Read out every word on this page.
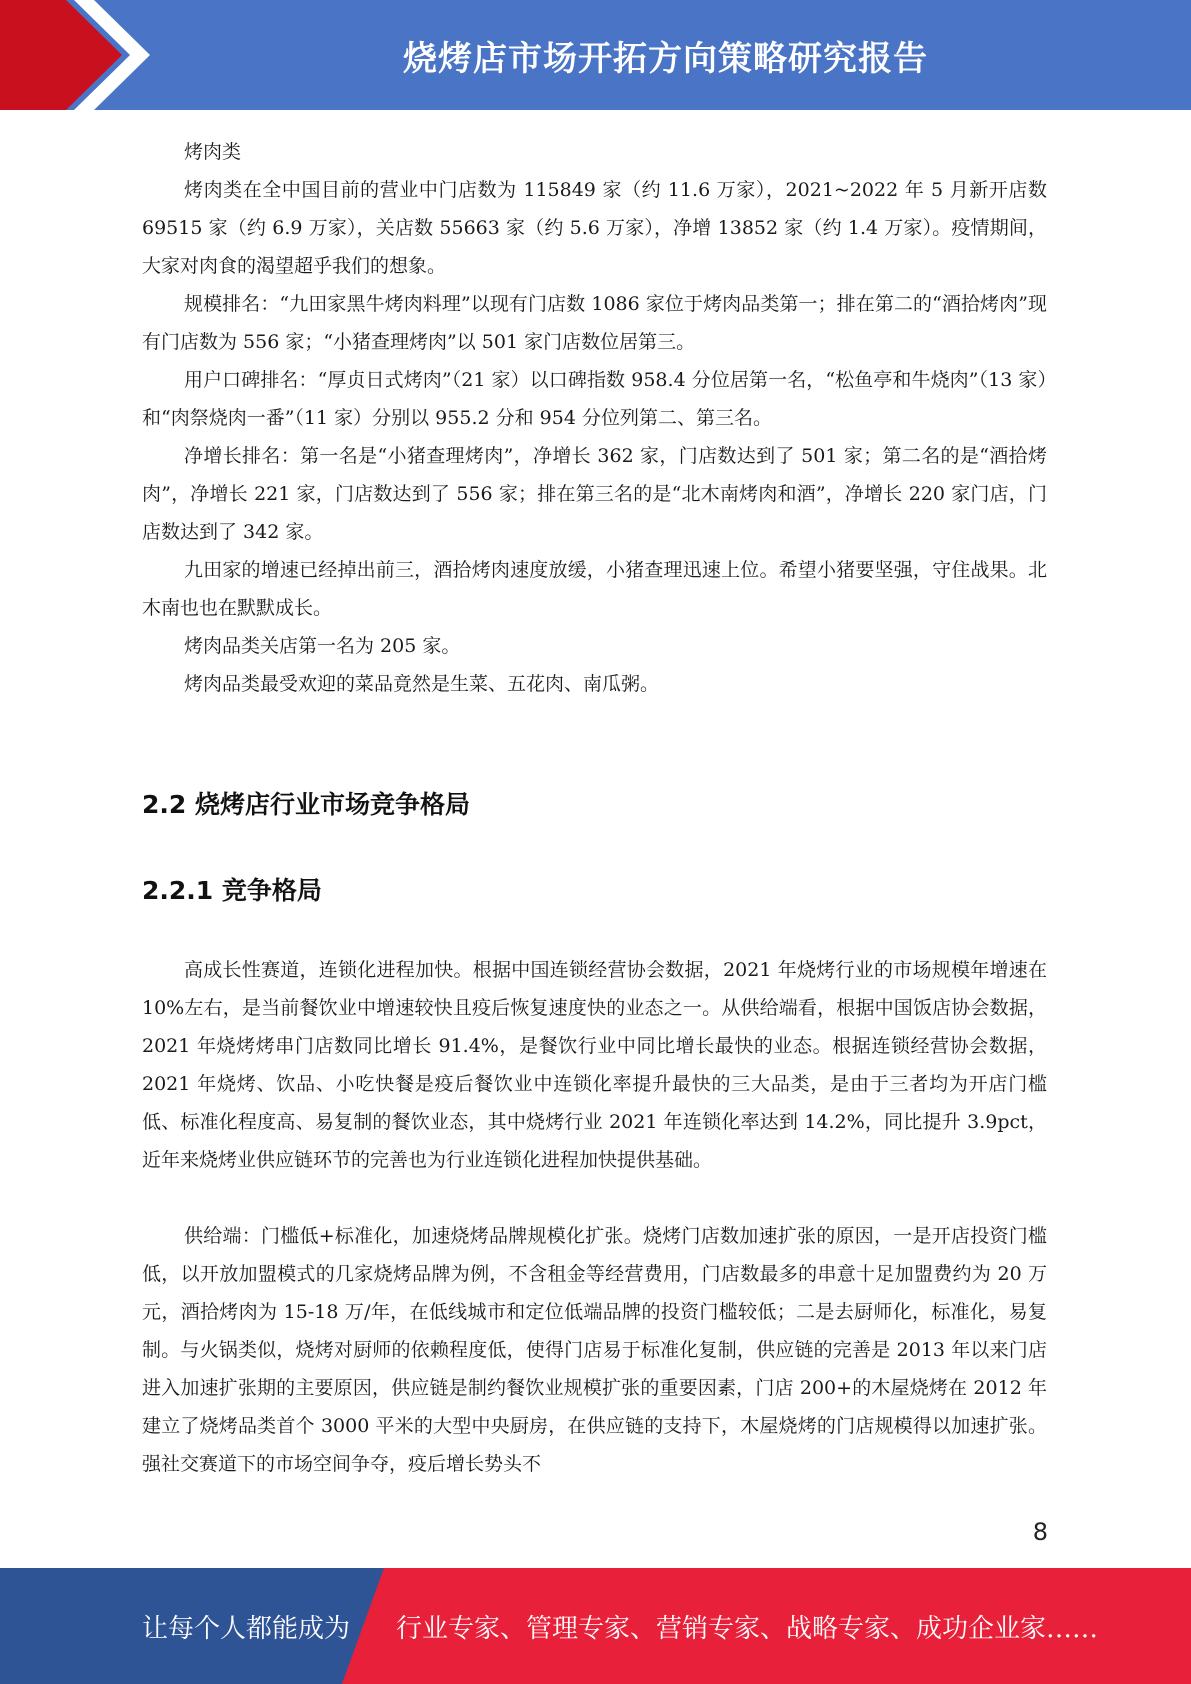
烧烤店市场开拓方向策略研究报告

烤肉类

烤肉类在全中国目前的营业中门店数为 115849 家（约 11.6 万家），2021~2022 年 5 月新开店数 69515 家（约 6.9 万家），关店数 55663 家（约 5.6 万家），净增 13852 家（约 1.4 万家）。疫情期间，大家对肉食的渴望超乎我们的想象。

规模排名：“九田家黑牛烤肉料理”以现有门店数 1086 家位于烤肉品类第一；排在第二的“酒拾烤肉”现有门店数为 556 家；“小猪查理烤肉”以 501 家门店数位居第三。

用户口碑排名：“厚贞日式烤肉”（21 家）以口碑指数 958.4 分位居第一名，“松鱼亭和牛烧肉”（13 家）和“肉祭烧肉一番”（11 家）分别以 955.2 分和 954 分位列第二、第三名。

净增长排名：第一名是“小猪查理烤肉”，净增长 362 家，门店数达到了 501 家；第二名的是“酒拾烤肉”，净增长 221 家，门店数达到了 556 家；排在第三名的是“北木南烤肉和酒”，净增长 220 家门店，门店数达到了 342 家。

九田家的增速已经掉出前三，酒拾烤肉速度放缓，小猪查理迅速上位。希望小猪要坚强，守住战果。北木南也也在默默成长。

烤肉品类关店第一名为 205 家。

烤肉品类最受欢迎的菜品竟然是生菜、五花肉、南瓜粥。

2.2 烧烤店行业市场竞争格局
2.2.1 竞争格局

高成长性赛道，连锁化进程加快。根据中国连锁经营协会数据，2021 年烧烤行业的市场规模年增速在 10%左右，是当前餐饮业中增速较快且疫后恢复速度快的业态之一。从供给端看，根据中国饭店协会数据，2021 年烧烤烤串门店数同比增长 91.4%，是餐饮行业中同比增长最快的业态。根据连锁经营协会数据，2021 年烧烤、饮品、小吃快餐是疫后餐饮业中连锁化率提升最快的三大品类，是由于三者均为开店门槛低、标准化程度高、易复制的餐饮业态，其中烧烤行业 2021 年连锁化率达到 14.2%，同比提升 3.9pct，近年来烧烤业供应链环节的完善也为行业连锁化进程加快提供基础。

供给端：门槛低+标准化，加速烧烤品牌规模化扩张。烧烤门店数加速扩张的原因，一是开店投资门槛低，以开放加盟模式的几家烧烤品牌为例，不含租金等经营费用，门店数最多的串意十足加盟费约为 20 万元，酒拾烤肉为 15-18 万/年，在低线城市和定位低端品牌的投资门槛较低；二是去厨师化，标准化，易复制。与火锅类似，烧烤对厨师的依赖程度低，使得门店易于标准化复制，供应链的完善是 2013 年以来门店进入加速扩张期的主要原因，供应链是制约餐饮业规模扩张的重要因素，门店 200+的木屋烧烤在 2012 年建立了烧烤品类首个 3000 平米的大型中央厨房，在供应链的支持下，木屋烧烤的门店规模得以加速扩张。强社交赛道下的市场空间争夺，疫后增长势头不

8
让每个人都能成为 行业专家、管理专家、营销专家、战略专家、成功企业家……
